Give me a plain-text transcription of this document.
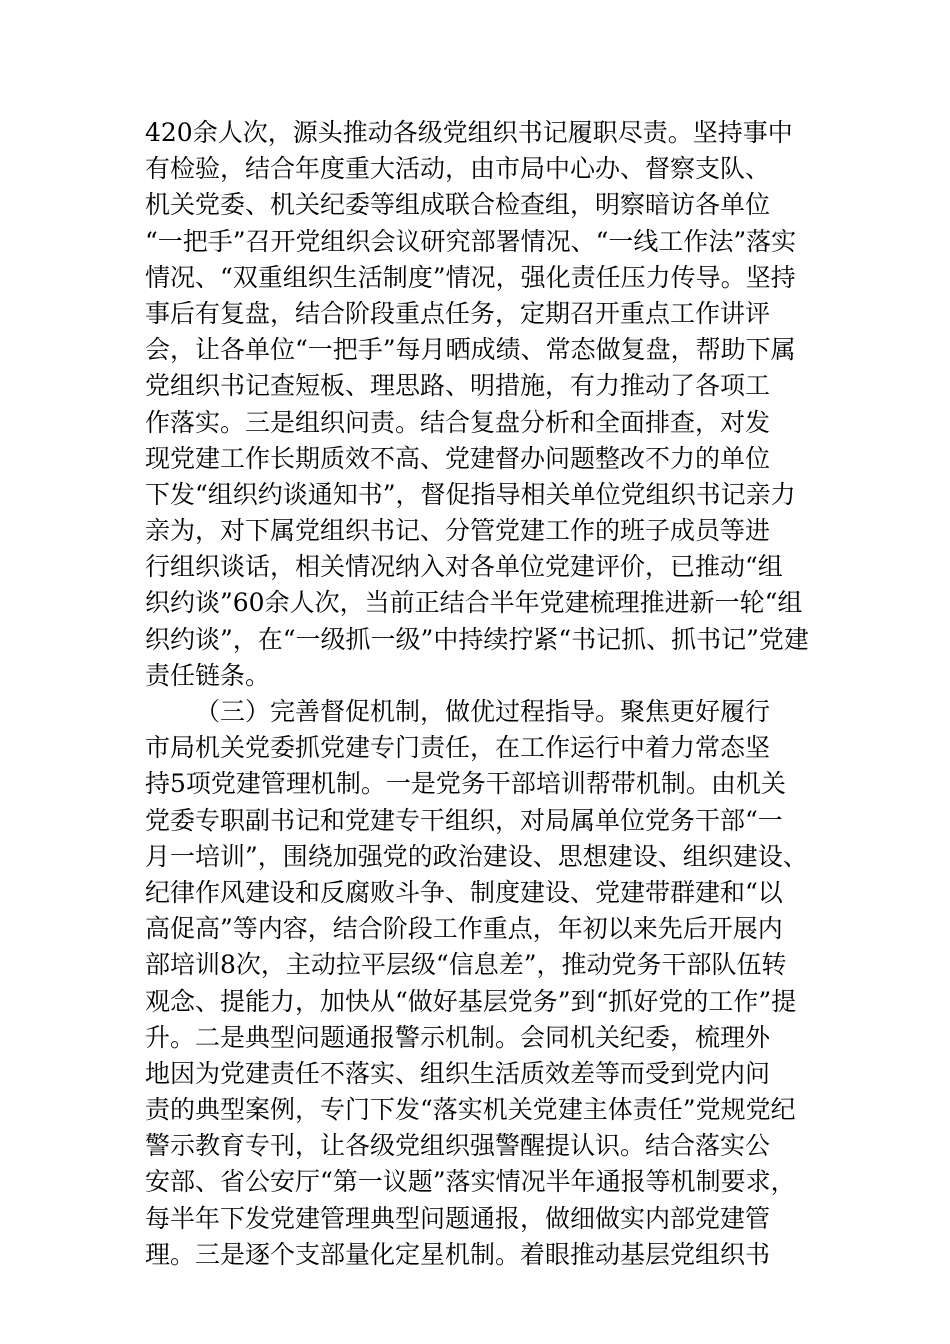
420余人次，源头推动各级党组织书记履职尽责。坚持事中
有检验，结合年度重大活动，由市局中心办、督察支队、
机关党委、机关纪委等组成联合检查组，明察暗访各单位
“一把手”召开党组织会议研究部署情况、“一线工作法”落实
情况、“双重组织生活制度”情况，强化责任压力传导。坚持
事后有复盘，结合阶段重点任务，定期召开重点工作讲评
会，让各单位“一把手”每月晒成绩、常态做复盘，帮助下属
党组织书记查短板、理思路、明措施，有力推动了各项工
作落实。三是组织问责。结合复盘分析和全面排查，对发
现党建工作长期质效不高、党建督办问题整改不力的单位
下发“组织约谈通知书”，督促指导相关单位党组织书记亲力
亲为，对下属党组织书记、分管党建工作的班子成员等进
行组织谈话，相关情况纳入对各单位党建评价，已推动“组
织约谈”60余人次，当前正结合半年党建梳理推进新一轮“组
织约谈”，在“一级抓一级”中持续拧紧“书记抓、抓书记”党建
责任链条。
（三）完善督促机制，做优过程指导。聚焦更好履行
市局机关党委抓党建专门责任，在工作运行中着力常态坚
持5项党建管理机制。一是党务干部培训帮带机制。由机关
党委专职副书记和党建专干组织，对局属单位党务干部“一
月一培训”，围绕加强党的政治建设、思想建设、组织建设、
纪律作风建设和反腐败斗争、制度建设、党建带群建和“以
高促高”等内容，结合阶段工作重点，年初以来先后开展内
部培训8次，主动拉平层级“信息差”，推动党务干部队伍转
观念、提能力，加快从“做好基层党务”到“抓好党的工作”提
升。二是典型问题通报警示机制。会同机关纪委，梳理外
地因为党建责任不落实、组织生活质效差等而受到党内问
责的典型案例，专门下发“落实机关党建主体责任”党规党纪
警示教育专刊，让各级党组织强警醒提认识。结合落实公
安部、省公安厅“第一议题”落实情况半年通报等机制要求，
每半年下发党建管理典型问题通报，做细做实内部党建管
理。三是逐个支部量化定星机制。着眼推动基层党组织书
